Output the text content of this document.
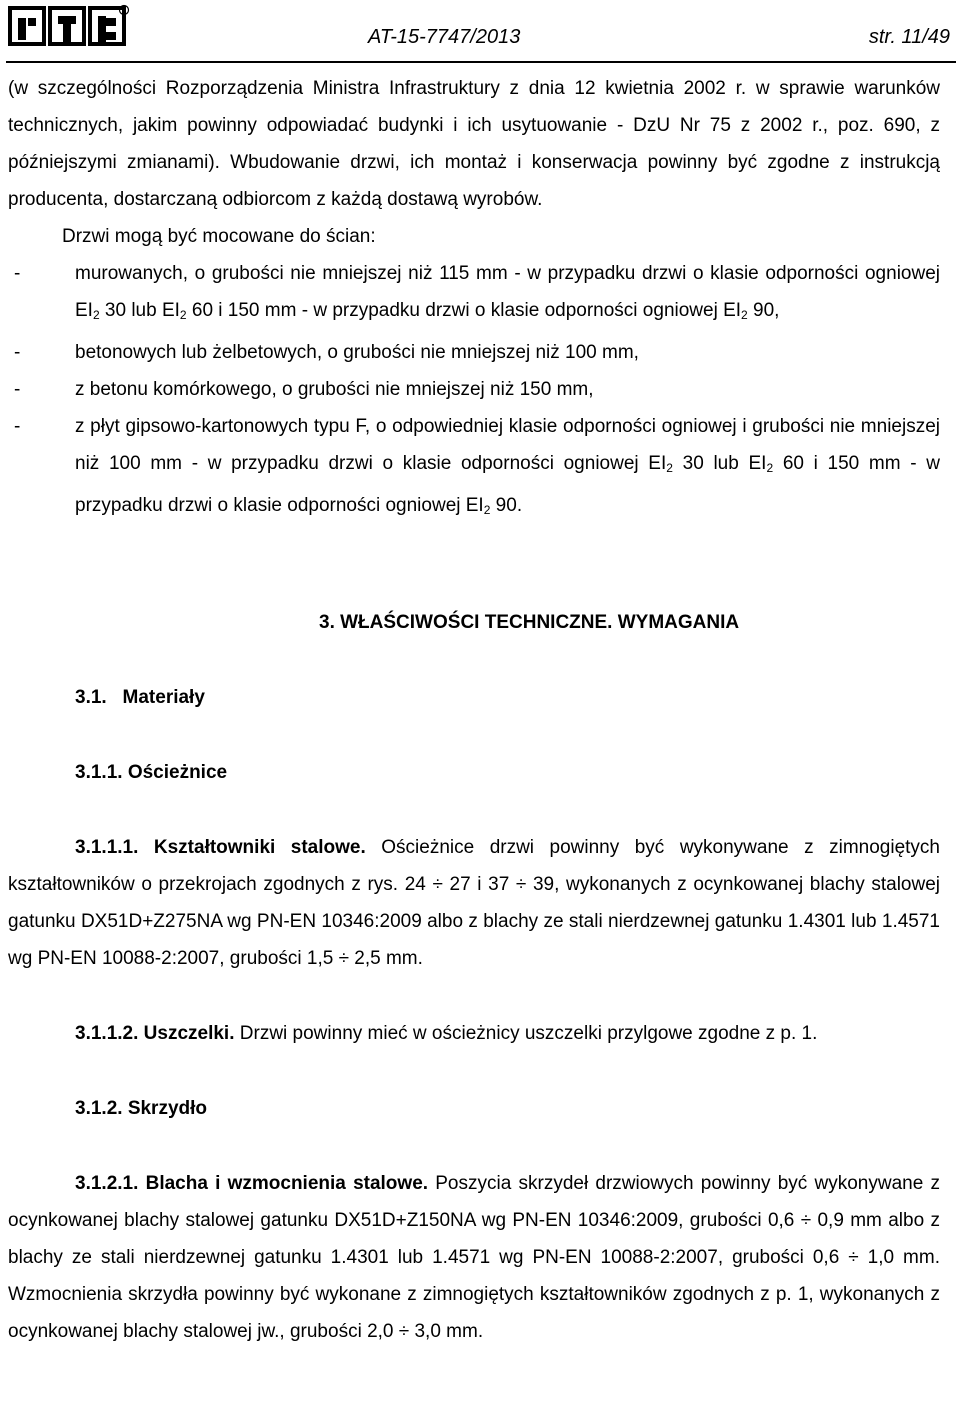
R
AT-15-7747/2013	str. 11/49

(w szczególności Rozporządzenia Ministra Infrastruktury z dnia 12 kwietnia 2002 r. w sprawie warunków technicznych, jakim powinny odpowiadać budynki i ich usytuowanie - DzU Nr 75 z 2002 r., poz. 690, z późniejszymi zmianami). Wbudowanie drzwi, ich montaż i konserwacja powinny być zgodne z instrukcją producenta, dostarczaną odbiorcom z każdą dostawą wyrobów.

Drzwi mogą być mocowane do ścian:

-	murowanych, o grubości nie mniejszej niż 115 mm - w przypadku drzwi o klasie odporności ogniowej $EI_2$ 30 lub $EI_2$ 60 i 150 mm - w przypadku drzwi o klasie odporności ogniowej $EI_2$ 90,
-	betonowych lub żelbetowych, o grubości nie mniejszej niż 100 mm,
-	z betonu komórkowego, o grubości nie mniejszej niż 150 mm,
-	z płyt gipsowo-kartonowych typu F, o odpowiedniej klasie odporności ogniowej i grubości nie mniejszej niż 100 mm - w przypadku drzwi o klasie odporności ogniowej $EI_2$ 30 lub $EI_2$ 60 i 150 mm - w przypadku drzwi o klasie odporności ogniowej $EI_2$ 90.
3. WŁAŚCIWOŚCI TECHNICZNE. WYMAGANIA
3.1.   Materiały
3.1.1. Ościeżnice

3.1.1.1. Kształtowniki stalowe. Ościeżnice drzwi powinny być wykonywane z zimnogiętych kształtowników o przekrojach zgodnych z rys. 24 ÷ 27 i 37 ÷ 39, wykonanych z ocynkowanej blachy stalowej gatunku DX51D+Z275NA wg PN-EN 10346:2009 albo z blachy ze stali nierdzewnej gatunku 1.4301 lub 1.4571 wg PN-EN 10088-2:2007, grubości 1,5 ÷ 2,5 mm.

3.1.1.2. Uszczelki. Drzwi powinny mieć w ościeżnicy uszczelki przylgowe zgodne z p. 1.

3.1.2. Skrzydło

3.1.2.1. Blacha i wzmocnienia stalowe. Poszycia skrzydeł drzwiowych powinny być wykonywane z ocynkowanej blachy stalowej gatunku DX51D+Z150NA wg PN-EN 10346:2009, grubości 0,6 ÷ 0,9 mm albo z blachy ze stali nierdzewnej gatunku 1.4301 lub 1.4571 wg PN-EN 10088-2:2007, grubości 0,6 ÷ 1,0 mm. Wzmocnienia skrzydła powinny być wykonane z zimnogiętych kształtowników zgodnych z p. 1, wykonanych z ocynkowanej blachy stalowej jw., grubości 2,0 ÷ 3,0 mm.
